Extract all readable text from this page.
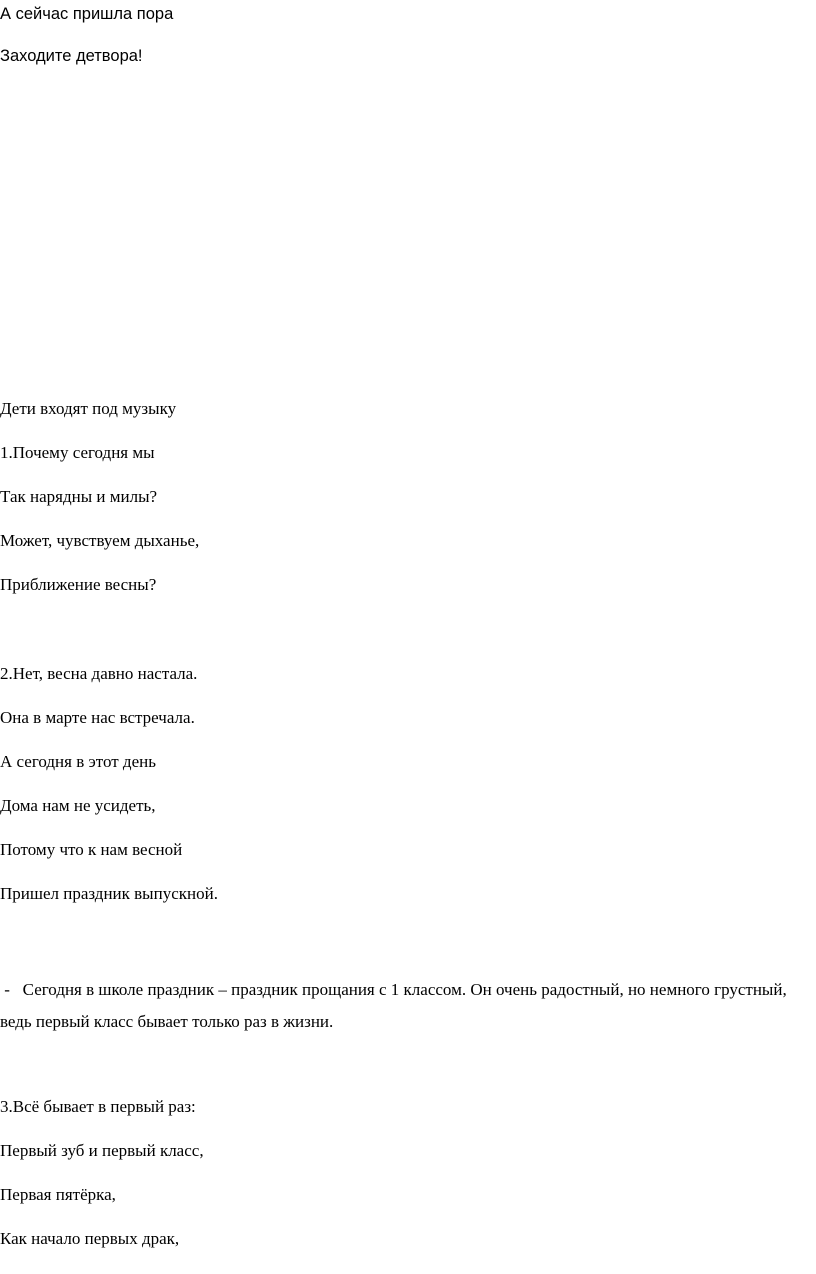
А сейчас пришла пора

Заходите детвора!

Дети входят под музыку

1.Почему сегодня мы

Так нарядны и милы?

Может, чувствуем дыханье,

Приближение весны?

2.Нет, весна давно настала.

Она в марте нас встречала.

А сегодня в этот день

Дома нам не усидеть,

Потому что к нам весной

Пришел праздник выпускной.

-   Сегодня в школе праздник – праздник прощания с 1 классом. Он очень радостный, но немного грустный, ведь первый класс бывает только раз в жизни.

3.Всё бывает в первый раз:

Первый зуб и первый класс,

Первая пятёрка,

Как начало первых драк,
